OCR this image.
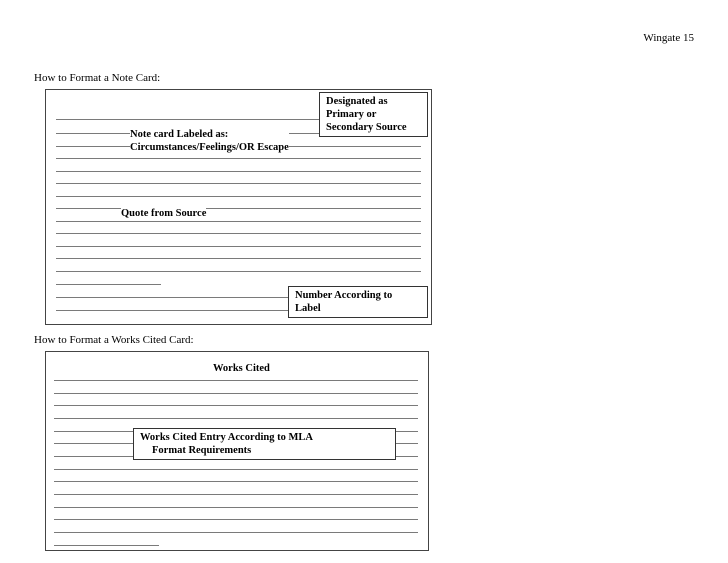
Wingate 15
How to Format a Note Card:
Designated as
Primary or
Secondary Source
Note card Labeled as:
Circumstances/Feelings/OR Escape
Quote from Source
Number According to
Label
How to Format a Works Cited Card:
Works Cited
Works Cited Entry According to MLA
Format Requirements
